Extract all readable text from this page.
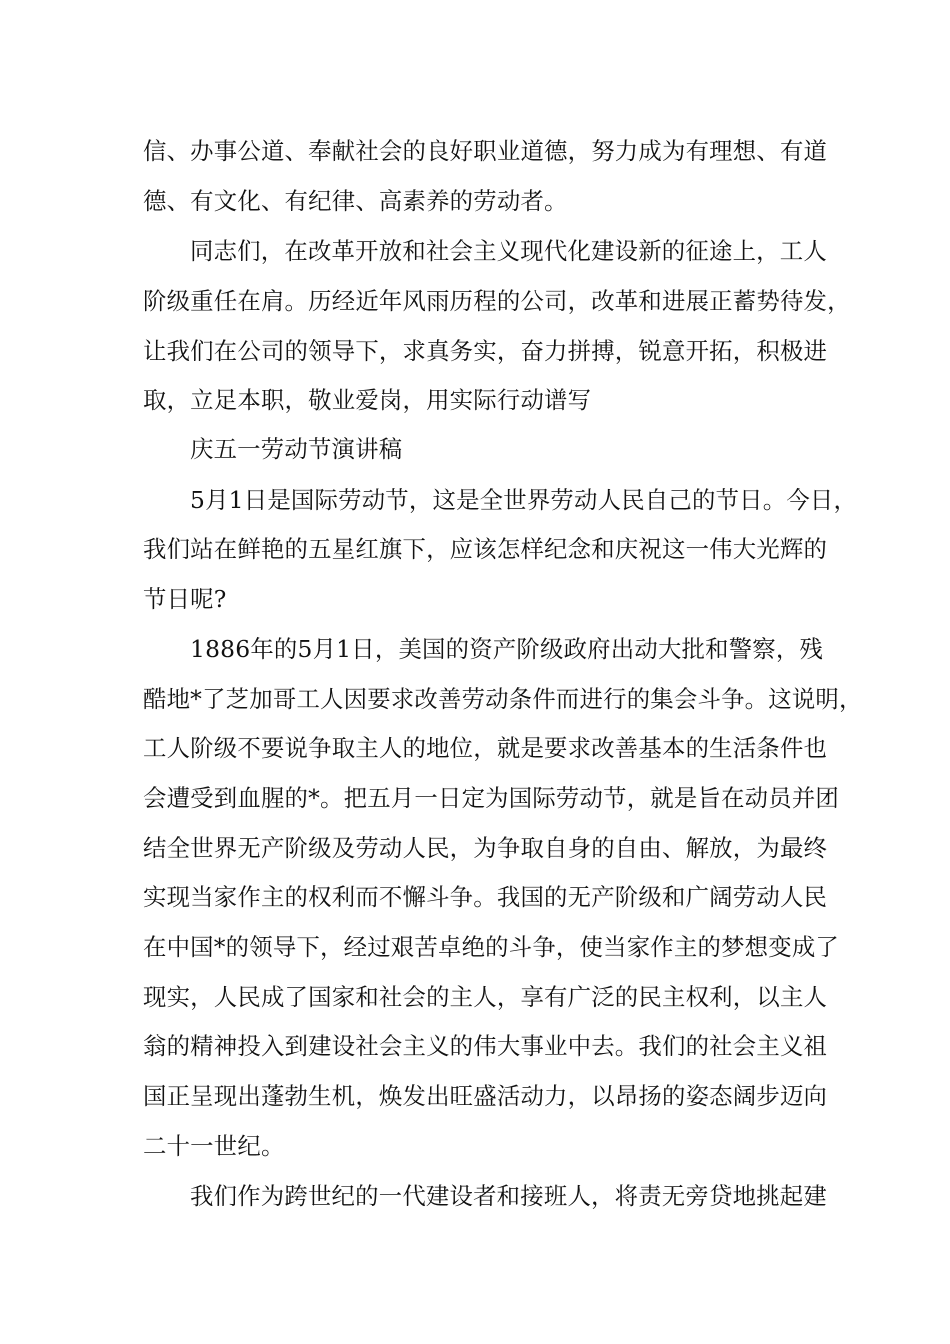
信、办事公道、奉献社会的良好职业道德，努力成为有理想、有道
德、有文化、有纪律、高素养的劳动者。
同志们，在改革开放和社会主义现代化建设新的征途上，工人
阶级重任在肩。历经近年风雨历程的公司，改革和进展正蓄势待发，
让我们在公司的领导下，求真务实，奋力拼搏，锐意开拓，积极进
取，立足本职，敬业爱岗，用实际行动谱写
庆五一劳动节演讲稿
5月1日是国际劳动节，这是全世界劳动人民自己的节日。今日，
我们站在鲜艳的五星红旗下，应该怎样纪念和庆祝这一伟大光辉的
节日呢?
1886年的5月1日，美国的资产阶级政府出动大批和警察，残
酷地*了芝加哥工人因要求改善劳动条件而进行的集会斗争。这说明，
工人阶级不要说争取主人的地位，就是要求改善基本的生活条件也
会遭受到血腥的*。把五月一日定为国际劳动节，就是旨在动员并团
结全世界无产阶级及劳动人民，为争取自身的自由、解放，为最终
实现当家作主的权利而不懈斗争。我国的无产阶级和广阔劳动人民
在中国*的领导下，经过艰苦卓绝的斗争，使当家作主的梦想变成了
现实，人民成了国家和社会的主人，享有广泛的民主权利，以主人
翁的精神投入到建设社会主义的伟大事业中去。我们的社会主义祖
国正呈现出蓬勃生机，焕发出旺盛活动力，以昂扬的姿态阔步迈向
二十一世纪。
我们作为跨世纪的一代建设者和接班人，将责无旁贷地挑起建
